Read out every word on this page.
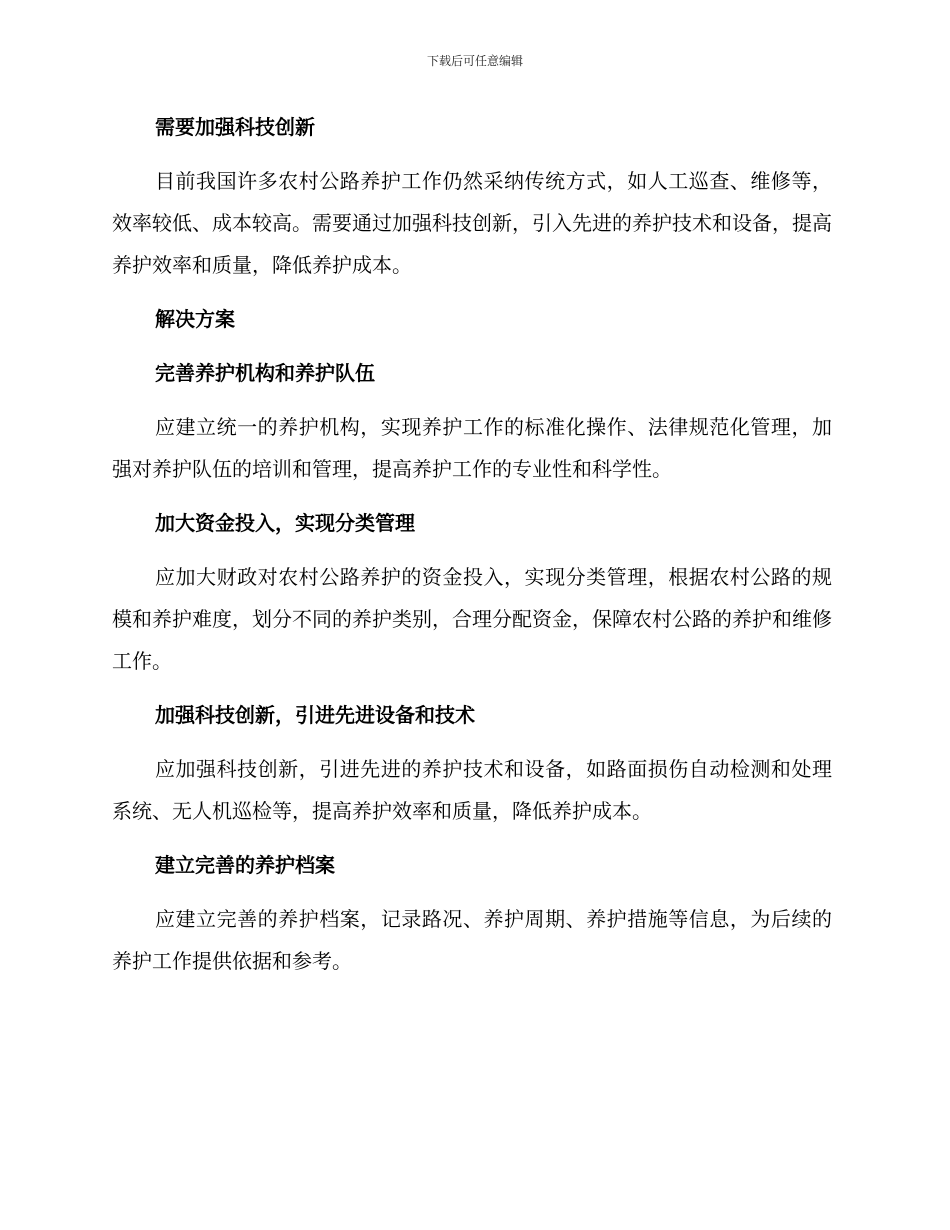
下载后可任意编辑
需要加强科技创新

目前我国许多农村公路养护工作仍然采纳传统方式，如人工巡查、维修等，效率较低、成本较高。需要通过加强科技创新，引入先进的养护技术和设备，提高养护效率和质量，降低养护成本。

解决方案
完善养护机构和养护队伍

应建立统一的养护机构，实现养护工作的标准化操作、法律规范化管理，加强对养护队伍的培训和管理，提高养护工作的专业性和科学性。

加大资金投入，实现分类管理

应加大财政对农村公路养护的资金投入，实现分类管理，根据农村公路的规模和养护难度，划分不同的养护类别，合理分配资金，保障农村公路的养护和维修工作。

加强科技创新，引进先进设备和技术

应加强科技创新，引进先进的养护技术和设备，如路面损伤自动检测和处理系统、无人机巡检等，提高养护效率和质量，降低养护成本。

建立完善的养护档案

应建立完善的养护档案，记录路况、养护周期、养护措施等信息，为后续的养护工作提供依据和参考。
